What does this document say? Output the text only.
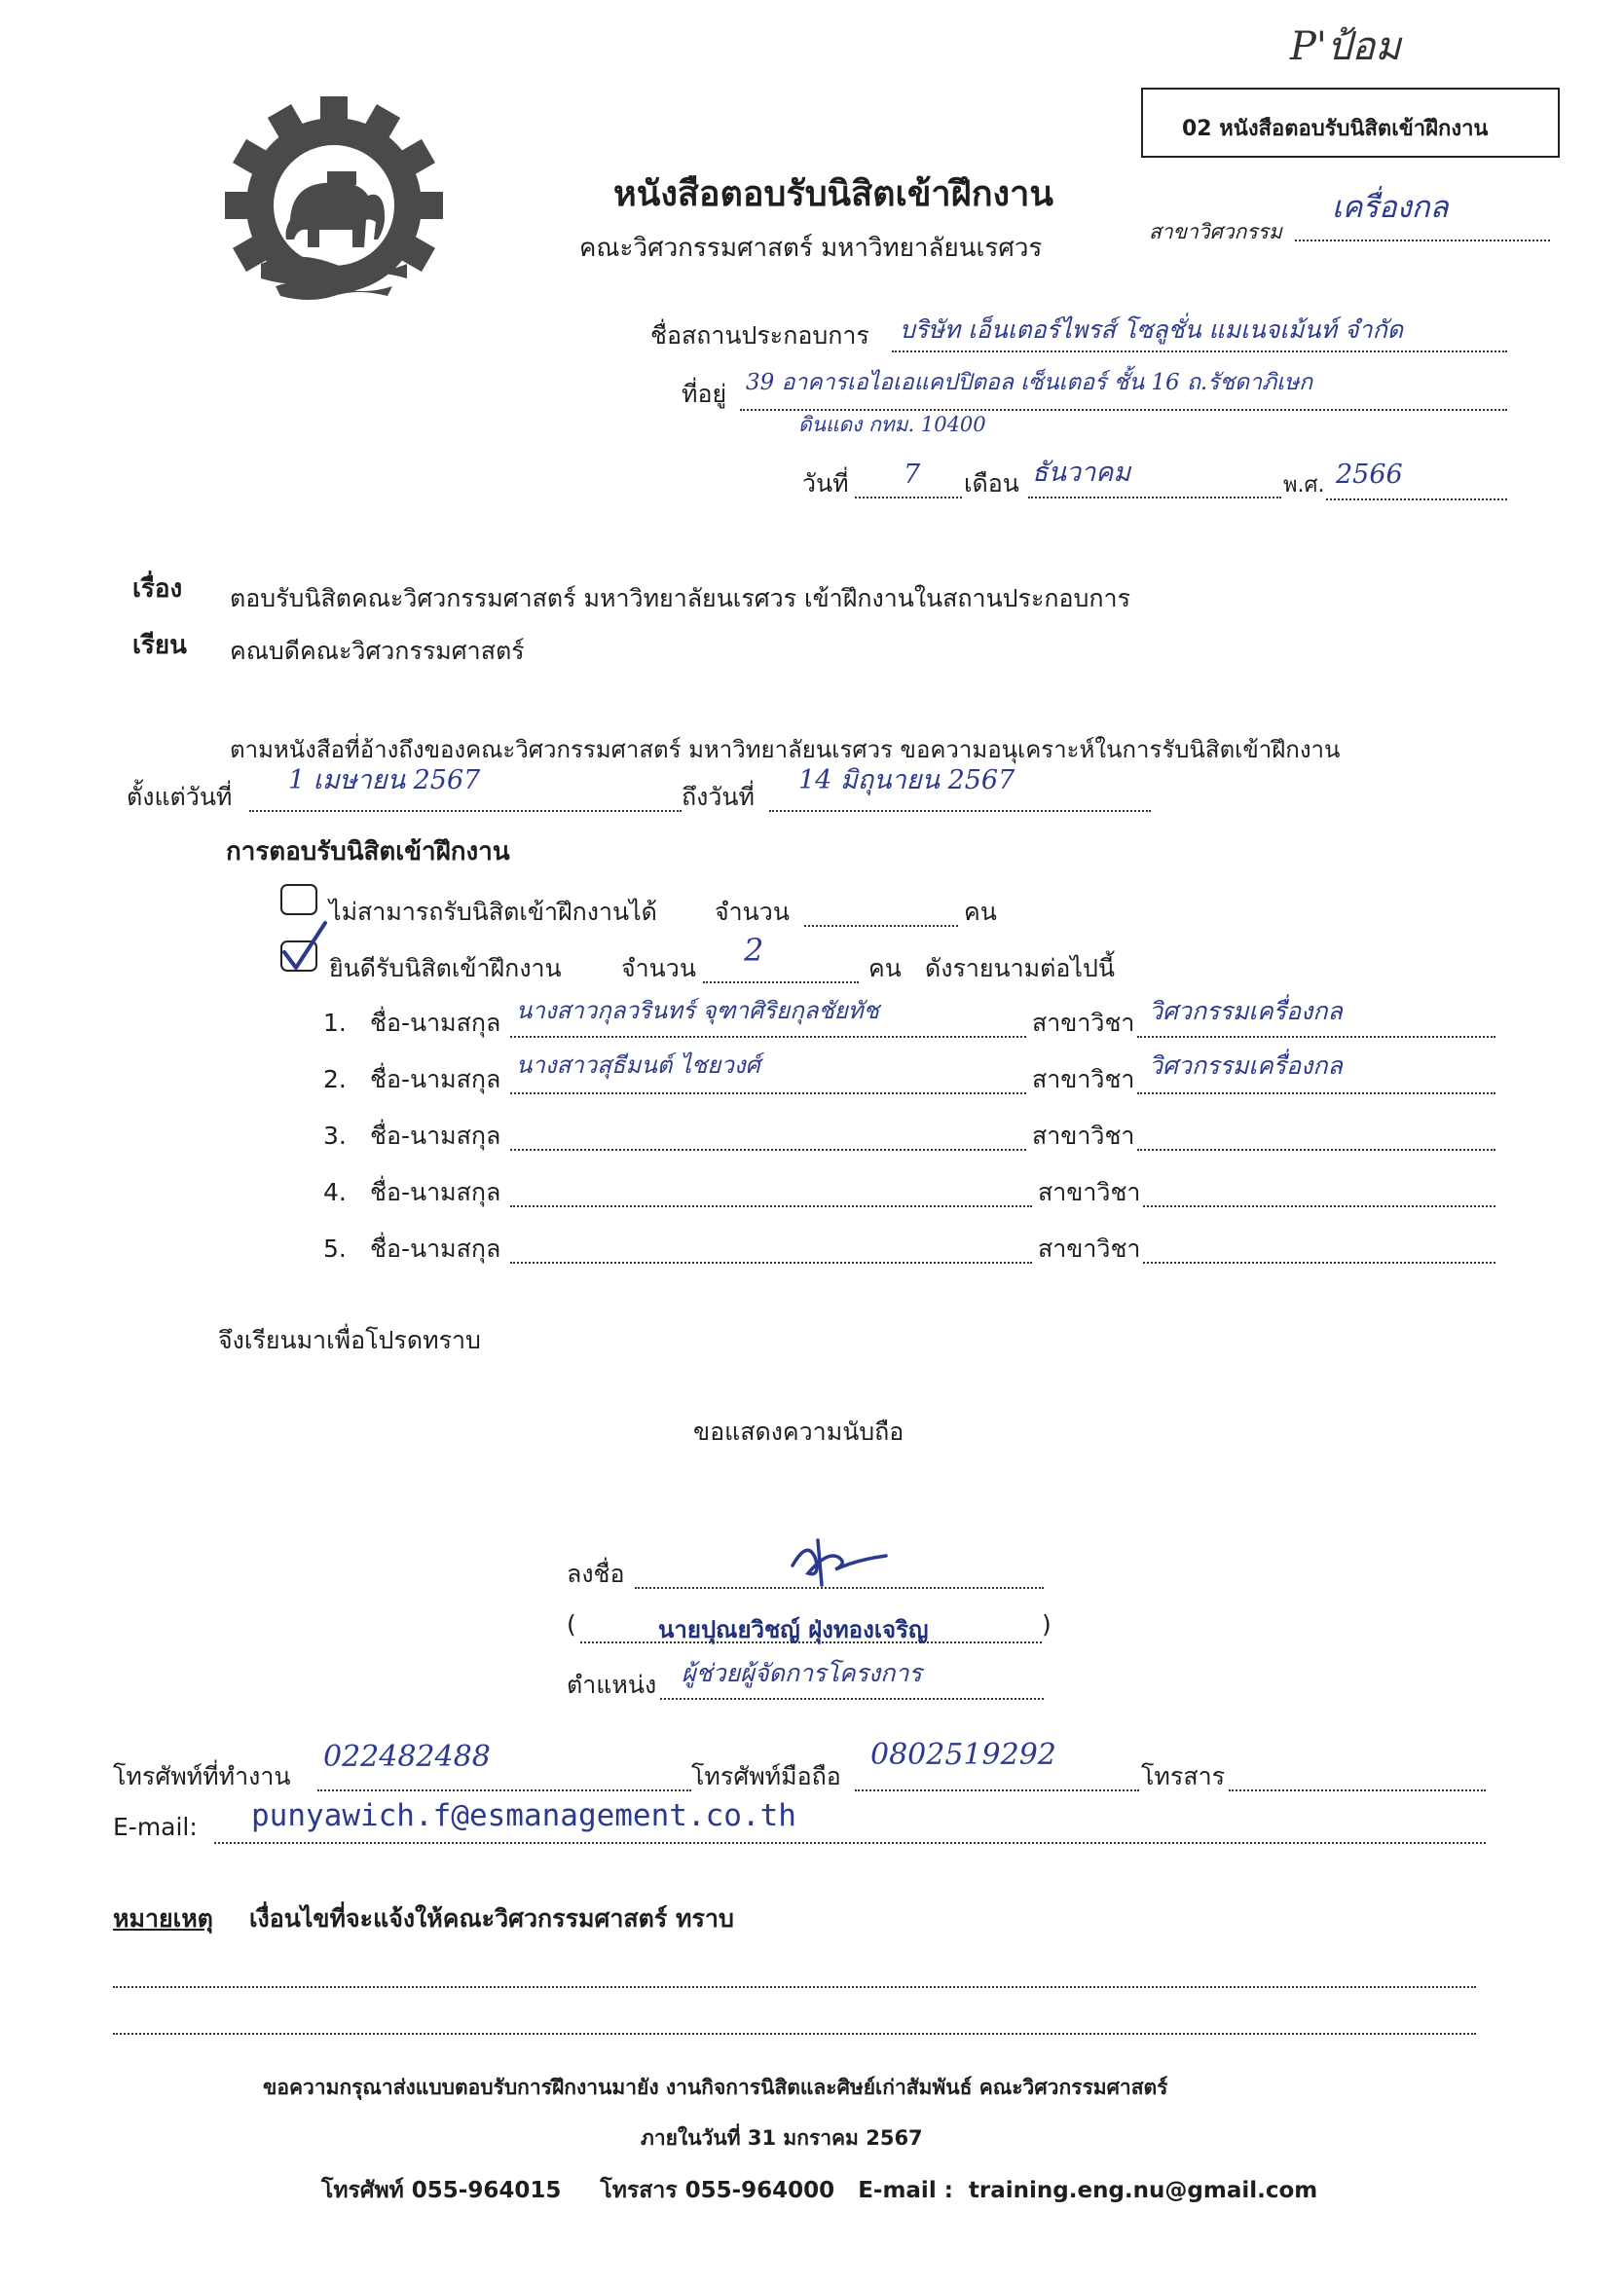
P'ป้อม
02 หนังสือตอบรับนิสิตเข้าฝึกงาน
หนังสือตอบรับนิสิตเข้าฝึกงาน
คณะวิศวกรรมศาสตร์ มหาวิทยาลัยนเรศวร
สาขาวิศวกรรม
เครื่องกล
ชื่อสถานประกอบการ บริษัท เอ็นเตอร์ไพรส์ โซลูชั่น แมเนจเม้นท์ จำกัด
ที่อยู่ 39 อาคารเอไอเอแคปปิตอล เซ็นเตอร์ ชั้น 16 ถ.รัชดาภิเษก
ดินแดง กทม. 10400
วันที่ 7 เดือน ธันวาคม	พ.ศ. 2566
เรื่อง ตอบรับนิสิตคณะวิศวกรรมศาสตร์ มหาวิทยาลัยนเรศวร เข้าฝึกงานในสถานประกอบการ
เรียน คณบดีคณะวิศวกรรมศาสตร์
ตามหนังสือที่อ้างถึงของคณะวิศวกรรมศาสตร์ มหาวิทยาลัยนเรศวร ขอความอนุเคราะห์ในการรับนิสิตเข้าฝึกงาน
ตั้งแต่วันที่
1 เมษายน 2567
ถึงวันที่
14 มิถุนายน 2567
การตอบรับนิสิตเข้าฝึกงาน
ไม่สามารถรับนิสิตเข้าฝึกงานได้ จำนวน	คน
ยินดีรับนิสิตเข้าฝึกงาน จำนวน 2	คน ดังรายนามต่อไปนี้
1. ชื่อ-นามสกุล นางสาวกุลวรินทร์ จุฑาศิริยกุลชัยทัช	สาขาวิชา วิศวกรรมเครื่องกล
2. ชื่อ-นามสกุล นางสาวสุธีมนต์ ไชยวงศ์	สาขาวิชา วิศวกรรมเครื่องกล
3. ชื่อ-นามสกุล	สาขาวิชา
4. ชื่อ-นามสกุล	สาขาวิชา
5. ชื่อ-นามสกุล	สาขาวิชา
จึงเรียนมาเพื่อโปรดทราบ
ขอแสดงความนับถือ
ลงชื่อ
(	นายปุณยวิชญ์ ฝุ่งทองเจริญ	)
ตำแหน่ง ผู้ช่วยผู้จัดการโครงการ
โทรศัพท์ที่ทำงาน
022482488
โทรศัพท์มือถือ
0802519292
โทรสาร
E-mail: punyawich.f@esmanagement.co.th
หมายเหตุ เงื่อนไขที่จะแจ้งให้คณะวิศวกรรมศาสตร์ ทราบ
ขอความกรุณาส่งแบบตอบรับการฝึกงานมายัง งานกิจการนิสิตและศิษย์เก่าสัมพันธ์ คณะวิศวกรรมศาสตร์
ภายในวันที่ 31 มกราคม 2567
โทรศัพท์ 055-964015     โทรสาร 055-964000   E-mail :  training.eng.nu@gmail.com
